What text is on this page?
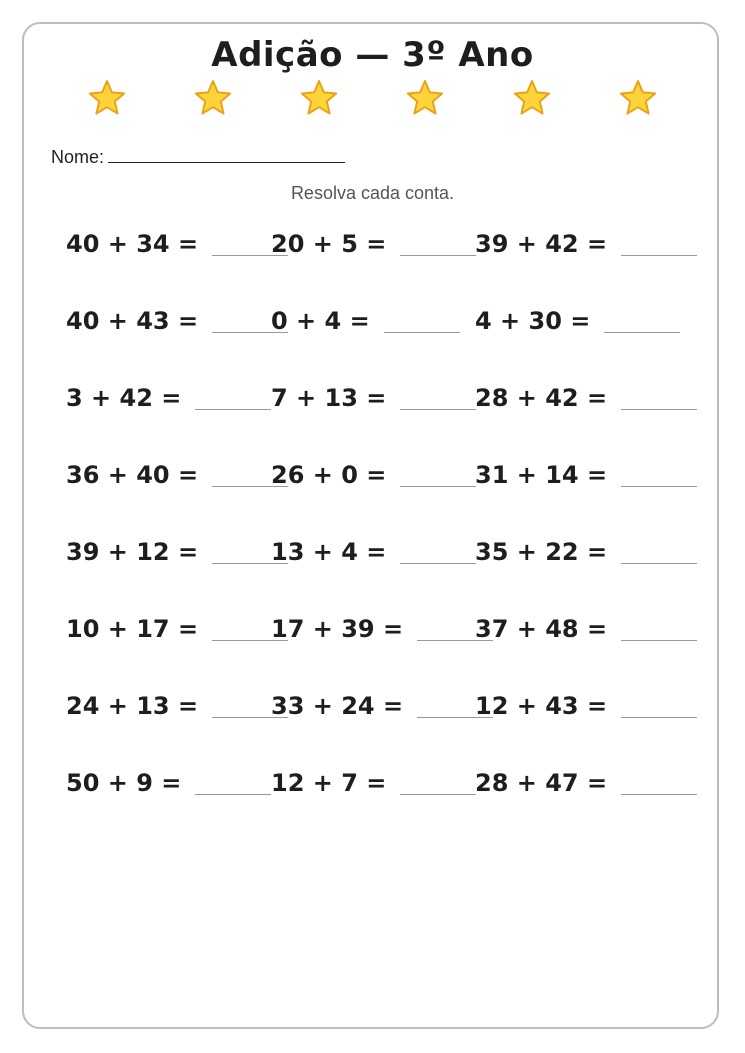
Adição — 3º Ano
Nome:
Resolva cada conta.
40 + 34 =	20 + 5 =	39 + 42 =
40 + 43 =	0 + 4 =	4 + 30 =
3 + 42 =	7 + 13 =	28 + 42 =
36 + 40 =	26 + 0 =	31 + 14 =
39 + 12 =	13 + 4 =	35 + 22 =
10 + 17 =	17 + 39 =	37 + 48 =
24 + 13 =	33 + 24 =	12 + 43 =
50 + 9 =	12 + 7 =	28 + 47 =
